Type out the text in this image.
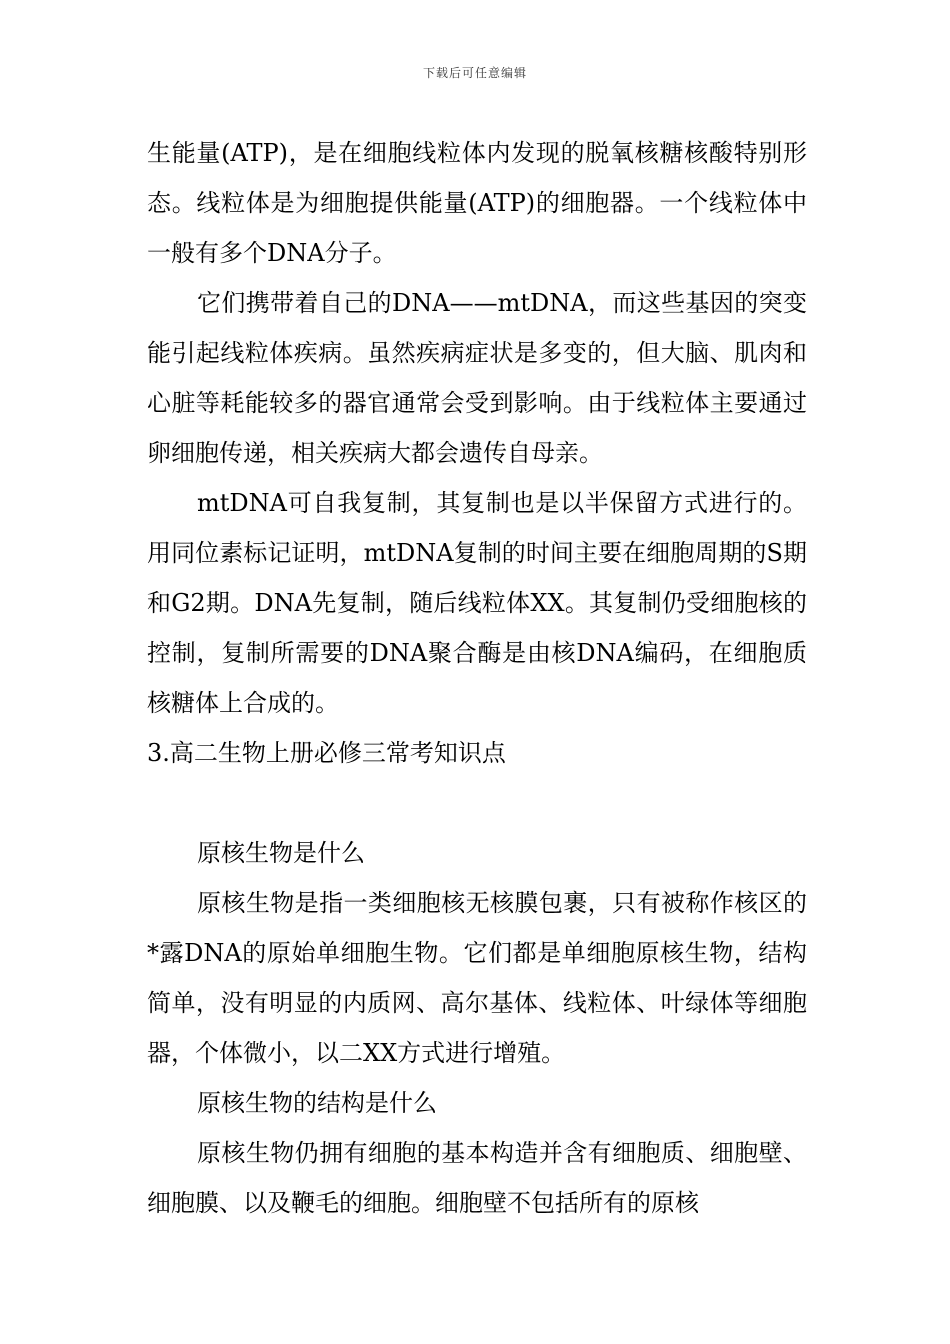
下载后可任意编辑

生能量(ATP)，是在细胞线粒体内发现的脱氧核糖核酸特别形态。线粒体是为细胞提供能量(ATP)的细胞器。一个线粒体中一般有多个DNA分子。

它们携带着自己的DNA——mtDNA，而这些基因的突变能引起线粒体疾病。虽然疾病症状是多变的，但大脑、肌肉和心脏等耗能较多的器官通常会受到影响。由于线粒体主要通过卵细胞传递，相关疾病大都会遗传自母亲。

mtDNA可自我复制，其复制也是以半保留方式进行的。用同位素标记证明，mtDNA复制的时间主要在细胞周期的S期和G2期。DNA先复制，随后线粒体XX。其复制仍受细胞核的控制，复制所需要的DNA聚合酶是由核DNA编码，在细胞质核糖体上合成的。

3.高二生物上册必修三常考知识点

原核生物是什么

原核生物是指一类细胞核无核膜包裹，只有被称作核区的*露DNA的原始单细胞生物。它们都是单细胞原核生物，结构简单，没有明显的内质网、高尔基体、线粒体、叶绿体等细胞器，个体微小，以二XX方式进行增殖。

原核生物的结构是什么

原核生物仍拥有细胞的基本构造并含有细胞质、细胞壁、细胞膜、以及鞭毛的细胞。细胞壁不包括所有的原核
